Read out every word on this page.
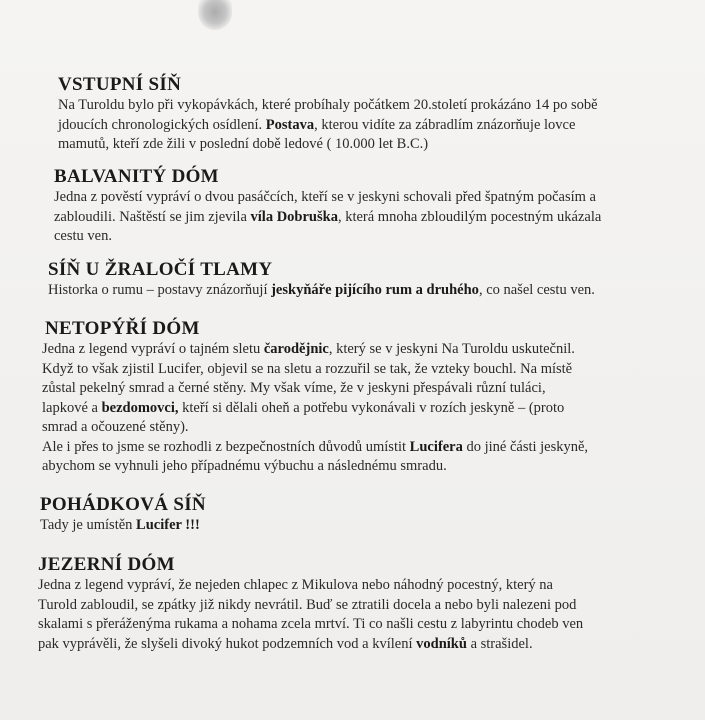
VSTUPNÍ SÍŇ
Na Turoldu bylo při vykopávkách, které probíhaly počátkem 20.století prokázáno 14 po sobě
jdoucích chronologických osídlení. Postava, kterou vidíte za zábradlím znázorňuje lovce
mamutů, kteří zde žili v poslední době ledové ( 10.000 let B.C.)
BALVANITÝ DÓM
Jedna z pověstí vypráví o dvou pasáčcích, kteří se v jeskyni schovali před špatným počasím a
zabloudili. Naštěstí se jim zjevila víla Dobruška, která mnoha zbloudilým pocestným ukázala
cestu ven.
SÍŇ U ŽRALOČÍ TLAMY
Historka o rumu – postavy znázorňují jeskyňáře pijícího rum a druhého, co našel cestu ven.
NETOPÝŘÍ DÓM
Jedna z legend vypráví o tajném sletu čarodějnic, který se v jeskyni Na Turoldu uskutečnil.
Když to však zjistil Lucifer, objevil se na sletu a rozzuřil se tak, že vzteky bouchl. Na místě
zůstal pekelný smrad a černé stěny. My však víme, že v jeskyni přespávali různí tuláci,
lapkové a bezdomovci, kteří si dělali oheň a potřebu vykonávali v rozích jeskyně – (proto
smrad a očouzené stěny).
Ale i přes to jsme se rozhodli z bezpečnostních důvodů umístit Lucifera do jiné části jeskyně,
abychom se vyhnuli jeho případnému výbuchu a následnému smradu.
POHÁDKOVÁ SÍŇ
Tady je umístěn Lucifer !!!
JEZERNÍ DÓM
Jedna z legend vypráví, že nejeden chlapec z Mikulova nebo náhodný pocestný, který na
Turold zabloudil, se zpátky již nikdy nevrátil. Buď se ztratili docela a nebo byli nalezeni pod
skalami s přeráženýma rukama a nohama zcela mrtví. Ti co našli cestu z labyrintu chodeb ven
pak vyprávěli, že slyšeli divoký hukot podzemních vod a kvílení vodníků a strašidel.
